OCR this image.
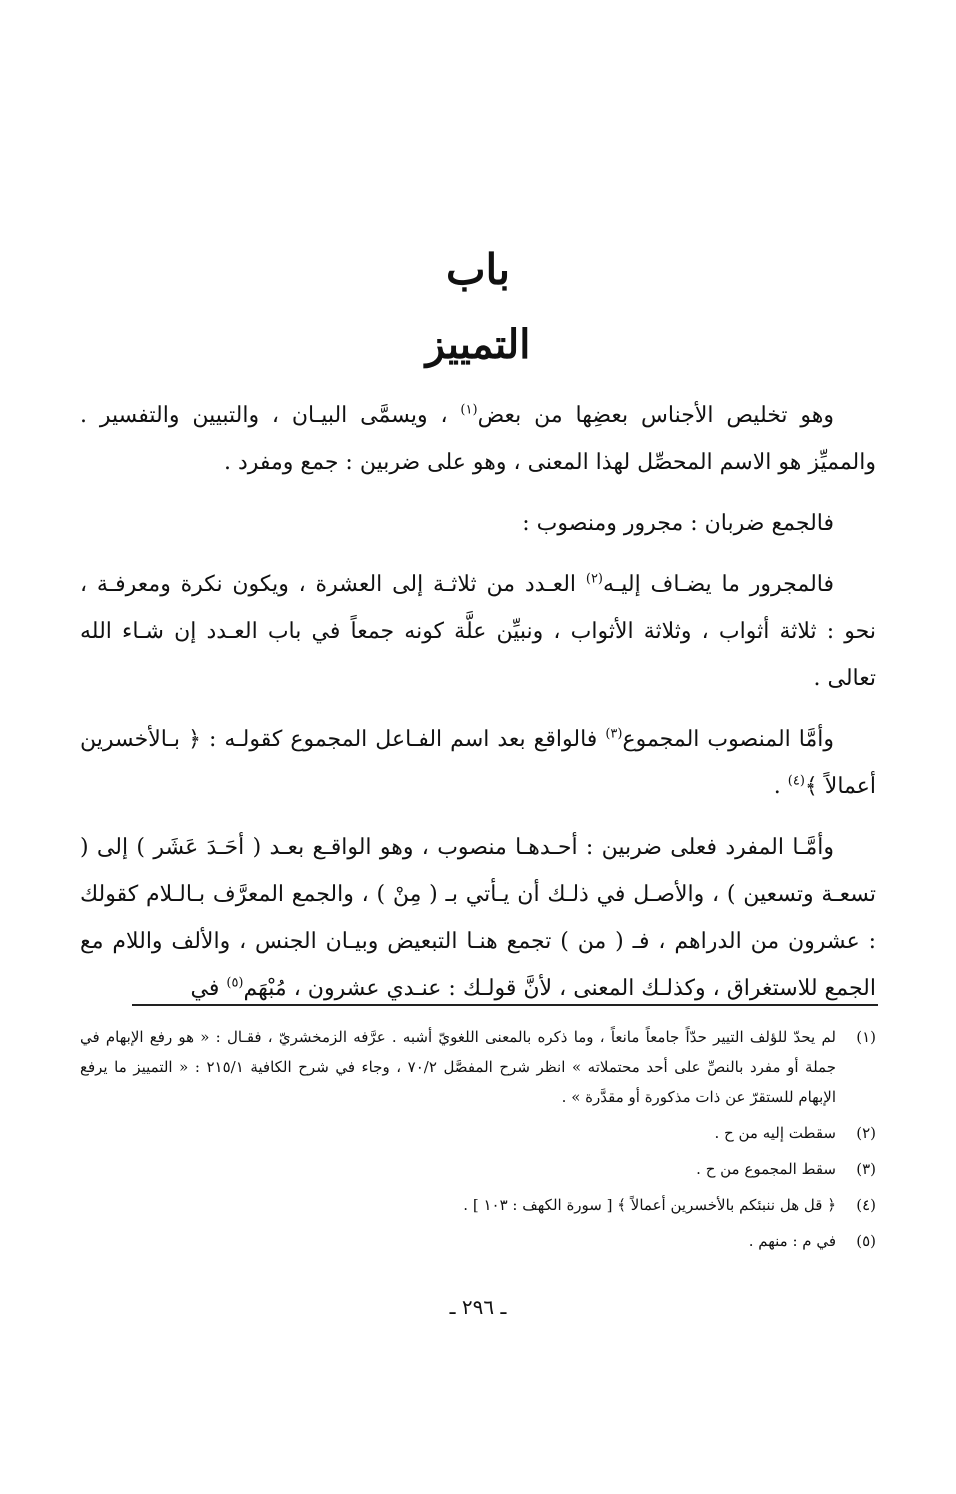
باب
التمييز

وهو تخليص الأجناس بعضِها من بعض$^{(١)}$ ، ويسمَّى البيـان ، والتبيين والتفسير . والمميِّز هو الاسم المحصِّل لهذا المعنى ، وهو على ضربين : جمع ومفرد .

فالجمع ضربان : مجرور ومنصوب :

فالمجرور ما يضـاف إليـه$^{(٢)}$ العـدد من ثلاثـة إلى العشرة ، ويكون نكرة ومعرفـة ، نحو : ثلاثة أثواب ، وثلاثة الأثواب ، ونبيِّن علَّة كونه جمعاً في باب العـدد إن شـاء الله تعالى .

وأمَّا المنصوب المجموع$^{(٣)}$ فالواقع بعد اسم الفـاعل المجموع كقولـه : ﴿ بـالأخسرين أعمالاً ﴾$^{(٤)}$ .

وأمَّـا المفرد فعلى ضربين : أحـدهـا منصوب ، وهو الواقـع بعـد ( أحَـدَ عَشَر ) إلى ( تسعـة وتسعين ) ، والأصـل في ذلـك أن يـأتي بـ ( مِنْ ) ، والجمع المعرَّف بـالـلام كقولك : عشرون من الدراهم ، فـ ( من ) تجمع هنـا التبعيض وبيـان الجنس ، والألف واللام مع الجمع للاستغراق ، وكذلـك المعنى ، لأنَّ قولـك : عنـدي عشرون ، مُبْهَم$^{(٥)}$ في

(١)
لم يحدّ للؤلف التيير حدّاً جامعاً مانعاً ، وما ذكره بالمعنى اللغويّ أشبه . عرَّفه الزمخشريّ ، فقـال : « هو رفع الإبهام في جملة أو مفرد بالنصِّ على أحد محتملاته » انظر شرح المفصَّل ٧٠/٢ ، وجاء في شرح الكافية ٢١٥/١ : « التمييز ما يرفع الإبهام للستقرّ عن ذات مذكورة أو مقدَّرة » .
(٢)
سقطت إليه من ح .
(٣)
سقط المجموع من ح .
(٤)
﴿ قل هل ننبئكم بالأخسرين أعمالاً ﴾ [ سورة الكهف : ١٠٣ ] .
(٥)
في م : منهم .
ـ ٢٩٦ ـ
